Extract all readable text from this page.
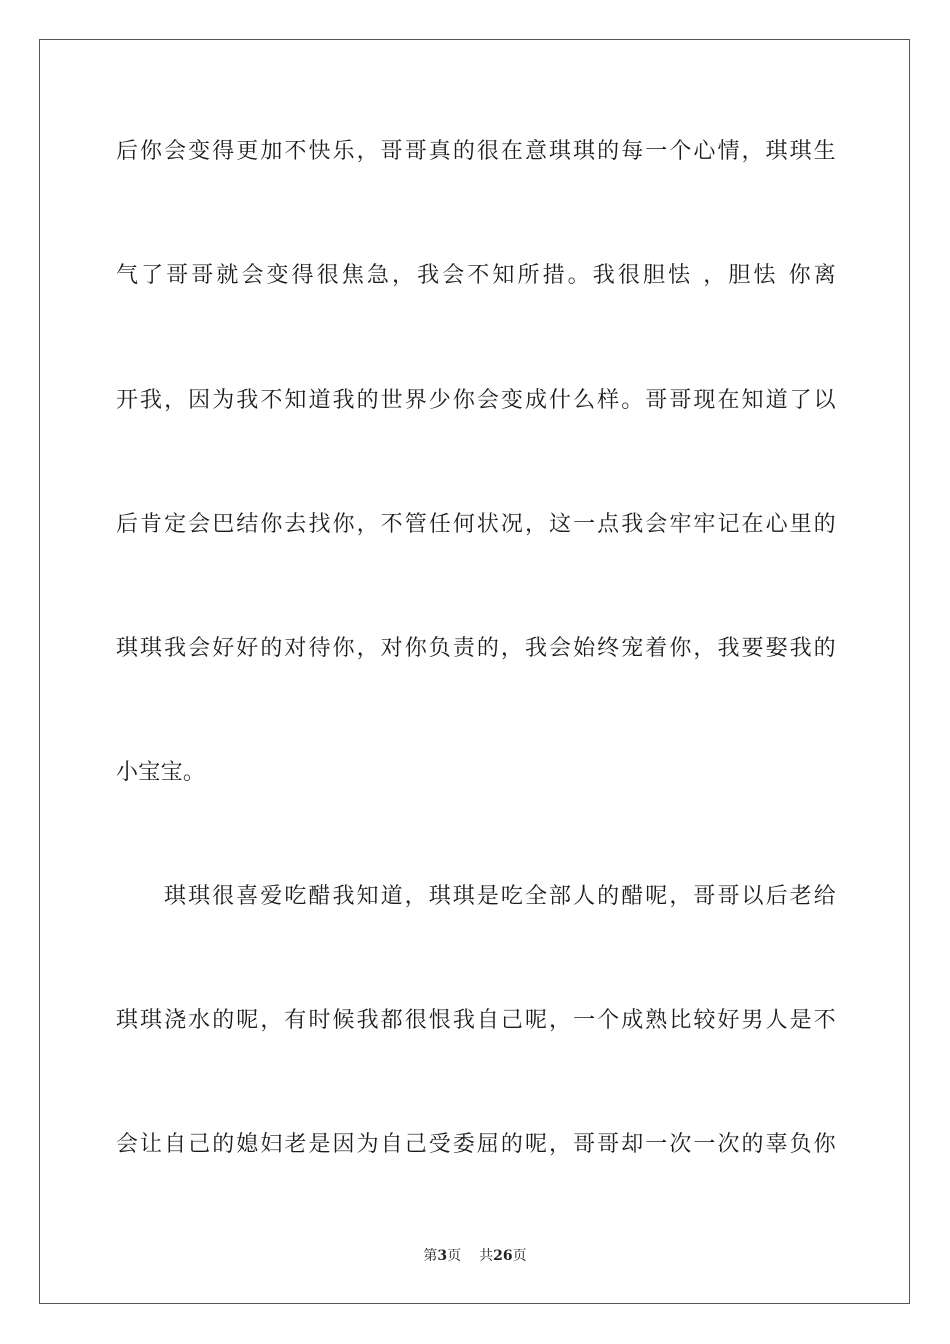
后你会变得更加不快乐，哥哥真的很在意琪琪的每一个心情，琪琪生
气了哥哥就会变得很焦急，我会不知所措。我很胆怯 ，胆怯 你离
开我，因为我不知道我的世界少你会变成什么样。哥哥现在知道了以
后肯定会巴结你去找你，不管任何状况，这一点我会牢牢记在心里的
琪琪我会好好的对待你，对你负责的，我会始终宠着你，我要娶我的
小宝宝。
琪琪很喜爱吃醋我知道，琪琪是吃全部人的醋呢，哥哥以后老给
琪琪浇水的呢，有时候我都很恨我自己呢，一个成熟比较好男人是不
会让自己的媳妇老是因为自己受委屈的呢，哥哥却一次一次的辜负你
第3页 共26页
